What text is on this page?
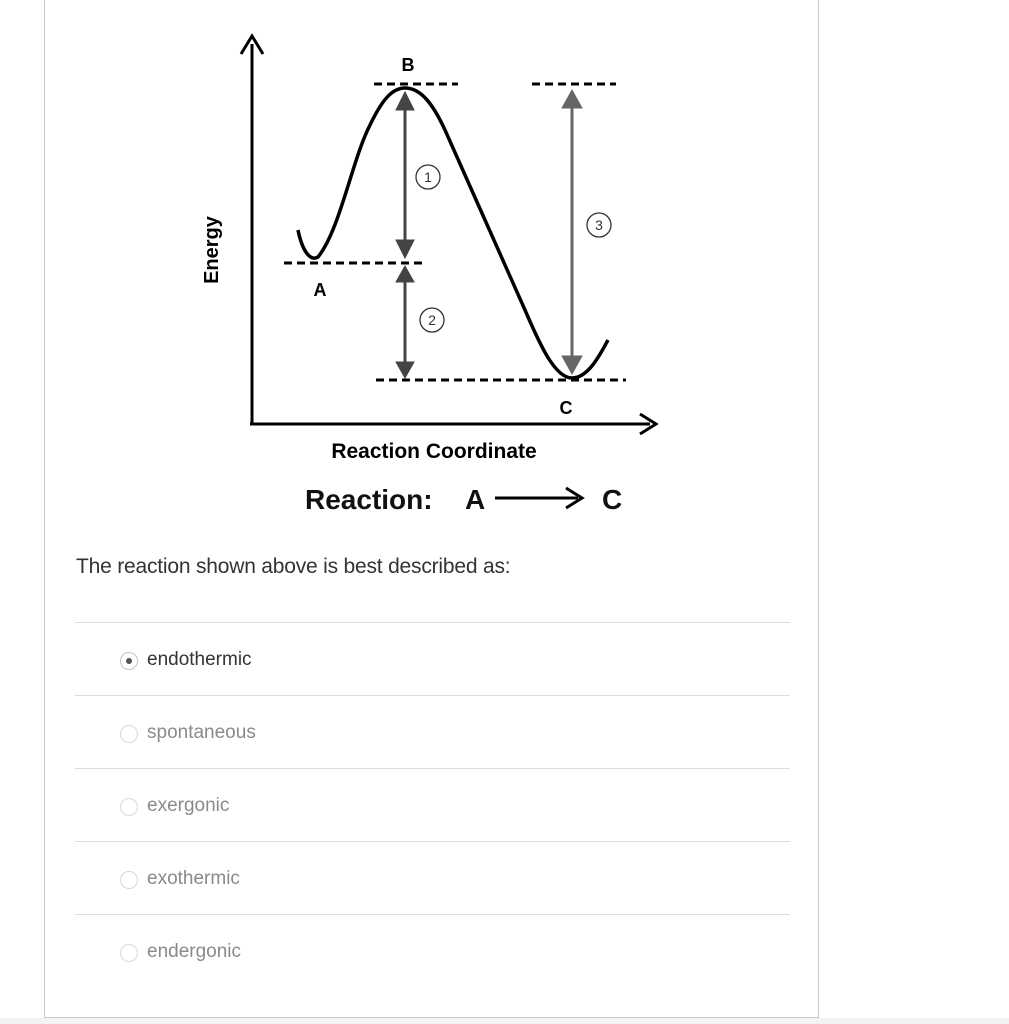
1
2
3
B
A
C
Energy
Reaction Coordinate
Reaction: A	C
The reaction shown above is best described as:
endothermic
spontaneous
exergonic
exothermic
endergonic
